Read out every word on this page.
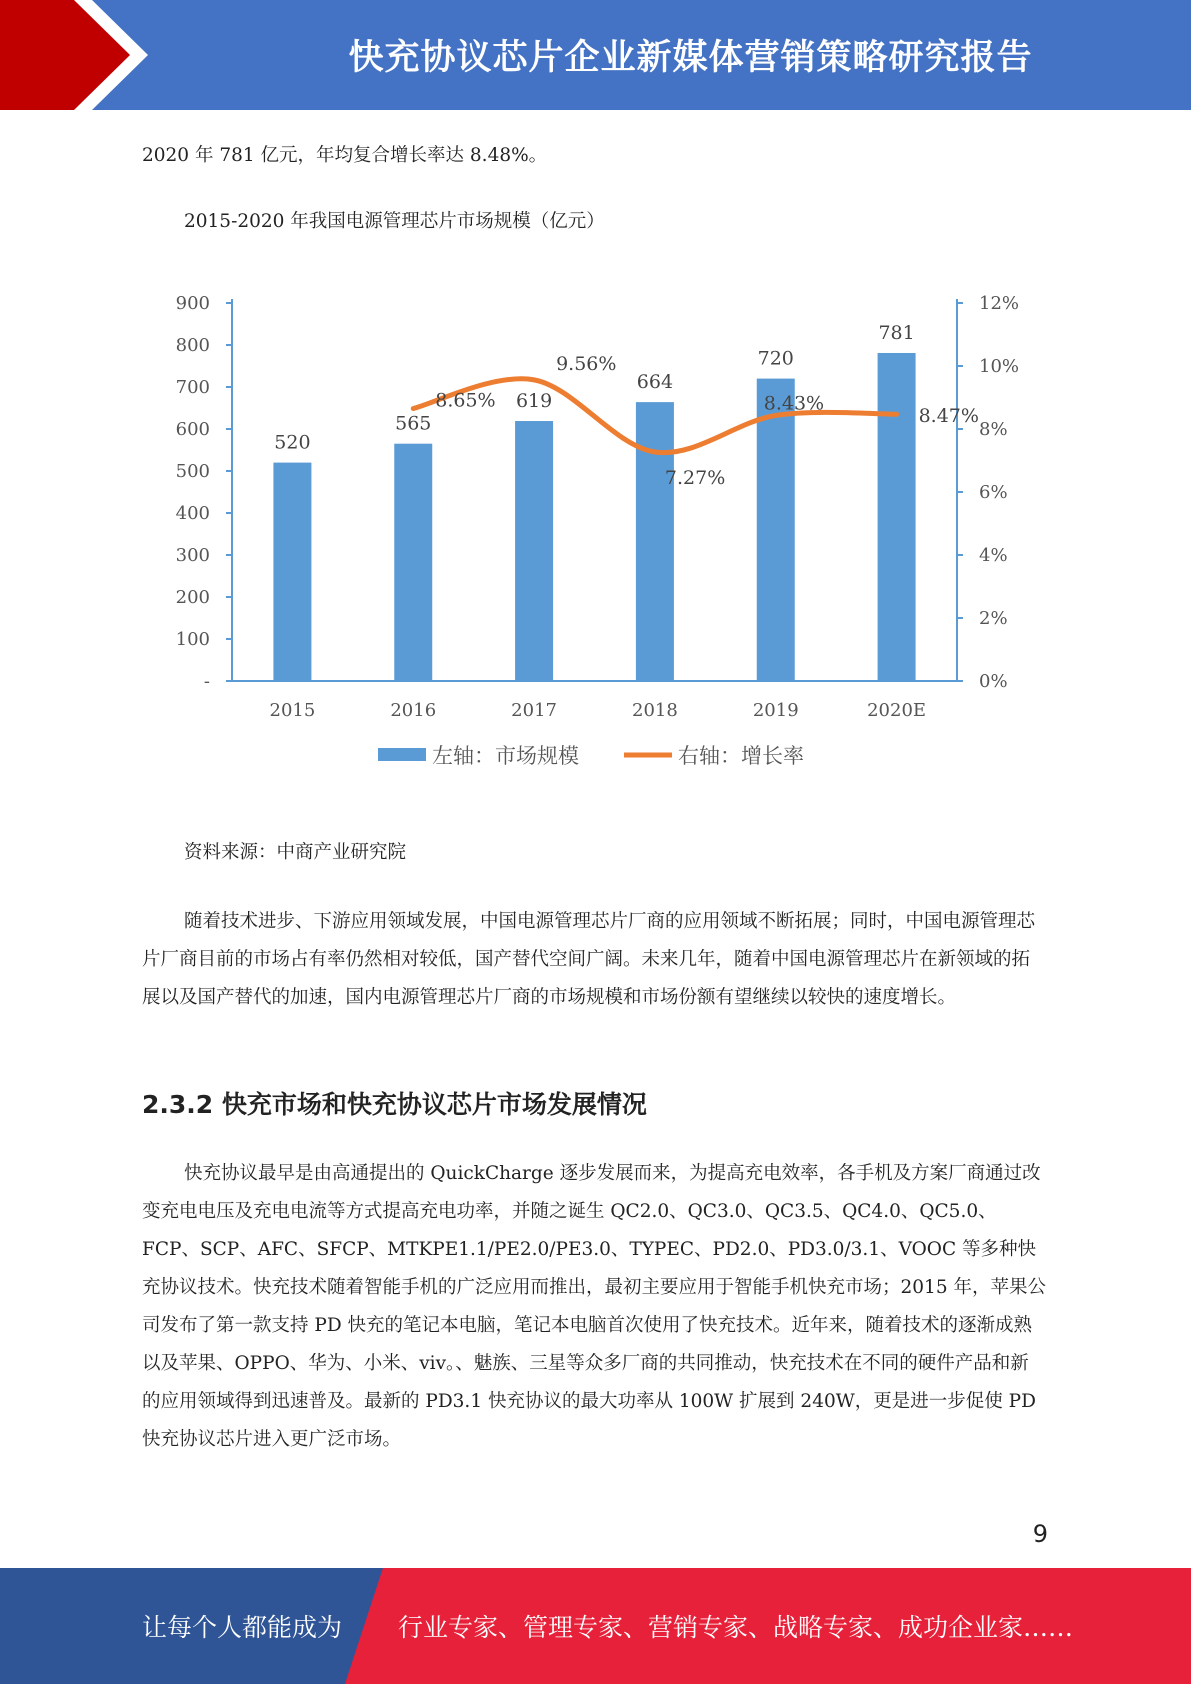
快充协议芯片企业新媒体营销策略研究报告

2020 年 781 亿元，年均复合增长率达 8.48%。

2015-2020 年我国电源管理芯片市场规模（亿元）
-
100
200
300
400
500
600
700
800
900
0%
2%
4%
6%
8%
10%
12%
520
565
619
664
720
781
2015	2016	2017	2018	2019	2020E
8.65%
9.56%
7.27%
8.43%
8.47%
左轴：市场规模	右轴：增长率
资料来源：中商产业研究院

随着技术进步、下游应用领域发展，中国电源管理芯片厂商的应用领域不断拓展；同时，中国电源管理芯片厂商目前的市场占有率仍然相对较低，国产替代空间广阔。未来几年，随着中国电源管理芯片在新领域的拓展以及国产替代的加速，国内电源管理芯片厂商的市场规模和市场份额有望继续以较快的速度增长。

2.3.2 快充市场和快充协议芯片市场发展情况

快充协议最早是由高通提出的 QuickCharge 逐步发展而来，为提高充电效率，各手机及方案厂商通过改变充电电压及充电电流等方式提高充电功率，并随之诞生 QC2.0、QC3.0、QC3.5、QC4.0、QC5.0、FCP、SCP、AFC、SFCP、MTKPE1.1/PE2.0/PE3.0、TYPEC、PD2.0、PD3.0/3.1、VOOC 等多种快充协议技术。快充技术随着智能手机的广泛应用而推出，最初主要应用于智能手机快充市场；2015 年，苹果公司发布了第一款支持 PD 快充的笔记本电脑，笔记本电脑首次使用了快充技术。近年来，随着技术的逐渐成熟以及苹果、OPPO、华为、小米、viv。、魅族、三星等众多厂商的共同推动，快充技术在不同的硬件产品和新的应用领域得到迅速普及。最新的 PD3.1 快充协议的最大功率从 100W 扩展到 240W，更是进一步促使 PD 快充协议芯片进入更广泛市场。

9
让每个人都能成为 行业专家、管理专家、营销专家、战略专家、成功企业家……
